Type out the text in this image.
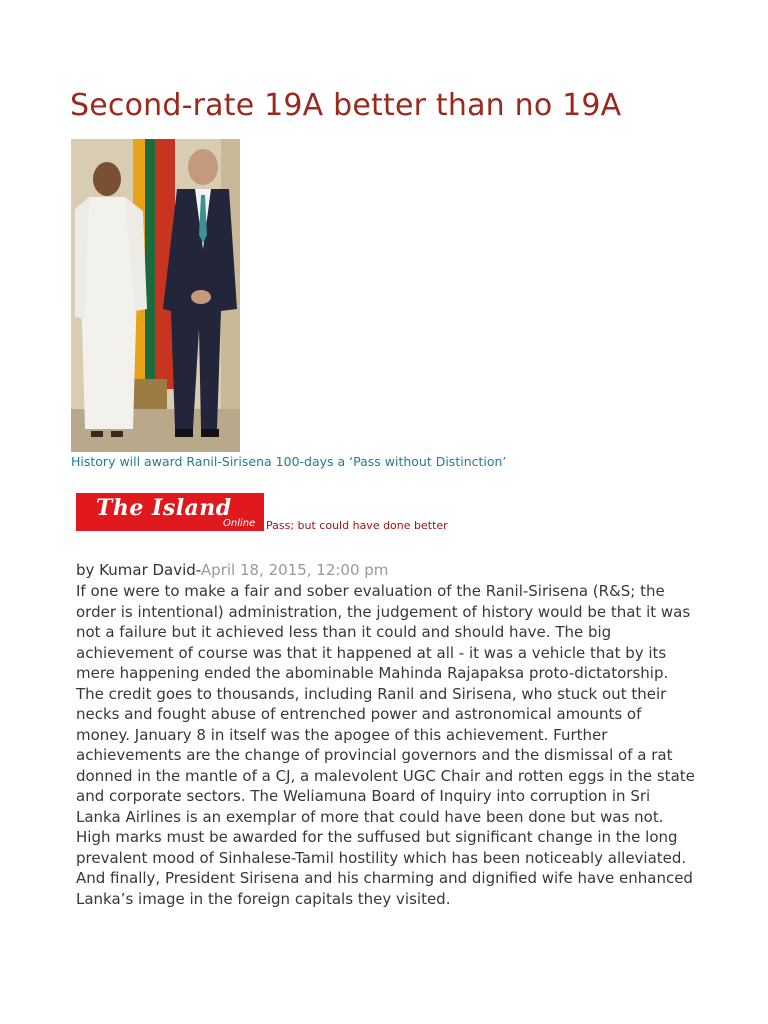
Second-rate 19A better than no 19A
History will award Ranil-Sirisena 100-days a ‘Pass without Distinction’
The Island
Online Pass; but could have done better
by Kumar David-April 18, 2015, 12:00 pm

If one were to make a fair and sober evaluation of the Ranil-Sirisena (R&S; the order is intentional) administration, the judgement of history would be that it was not a failure but it achieved less than it could and should have. The big achievement of course was that it happened at all - it was a vehicle that by its mere happening ended the abominable Mahinda Rajapaksa proto-dictatorship. The credit goes to thousands, including Ranil and Sirisena, who stuck out their necks and fought abuse of entrenched power and astronomical amounts of money. January 8 in itself was the apogee of this achievement. Further achievements are the change of provincial governors and the dismissal of a rat donned in the mantle of a CJ, a malevolent UGC Chair and rotten eggs in the state and corporate sectors. The Weliamuna Board of Inquiry into corruption in Sri Lanka Airlines is an exemplar of more that could have been done but was not. High marks must be awarded for the suffused but significant change in the long prevalent mood of Sinhalese-Tamil hostility which has been noticeably alleviated. And finally, President Sirisena and his charming and dignified wife have enhanced Lanka’s image in the foreign capitals they visited.
